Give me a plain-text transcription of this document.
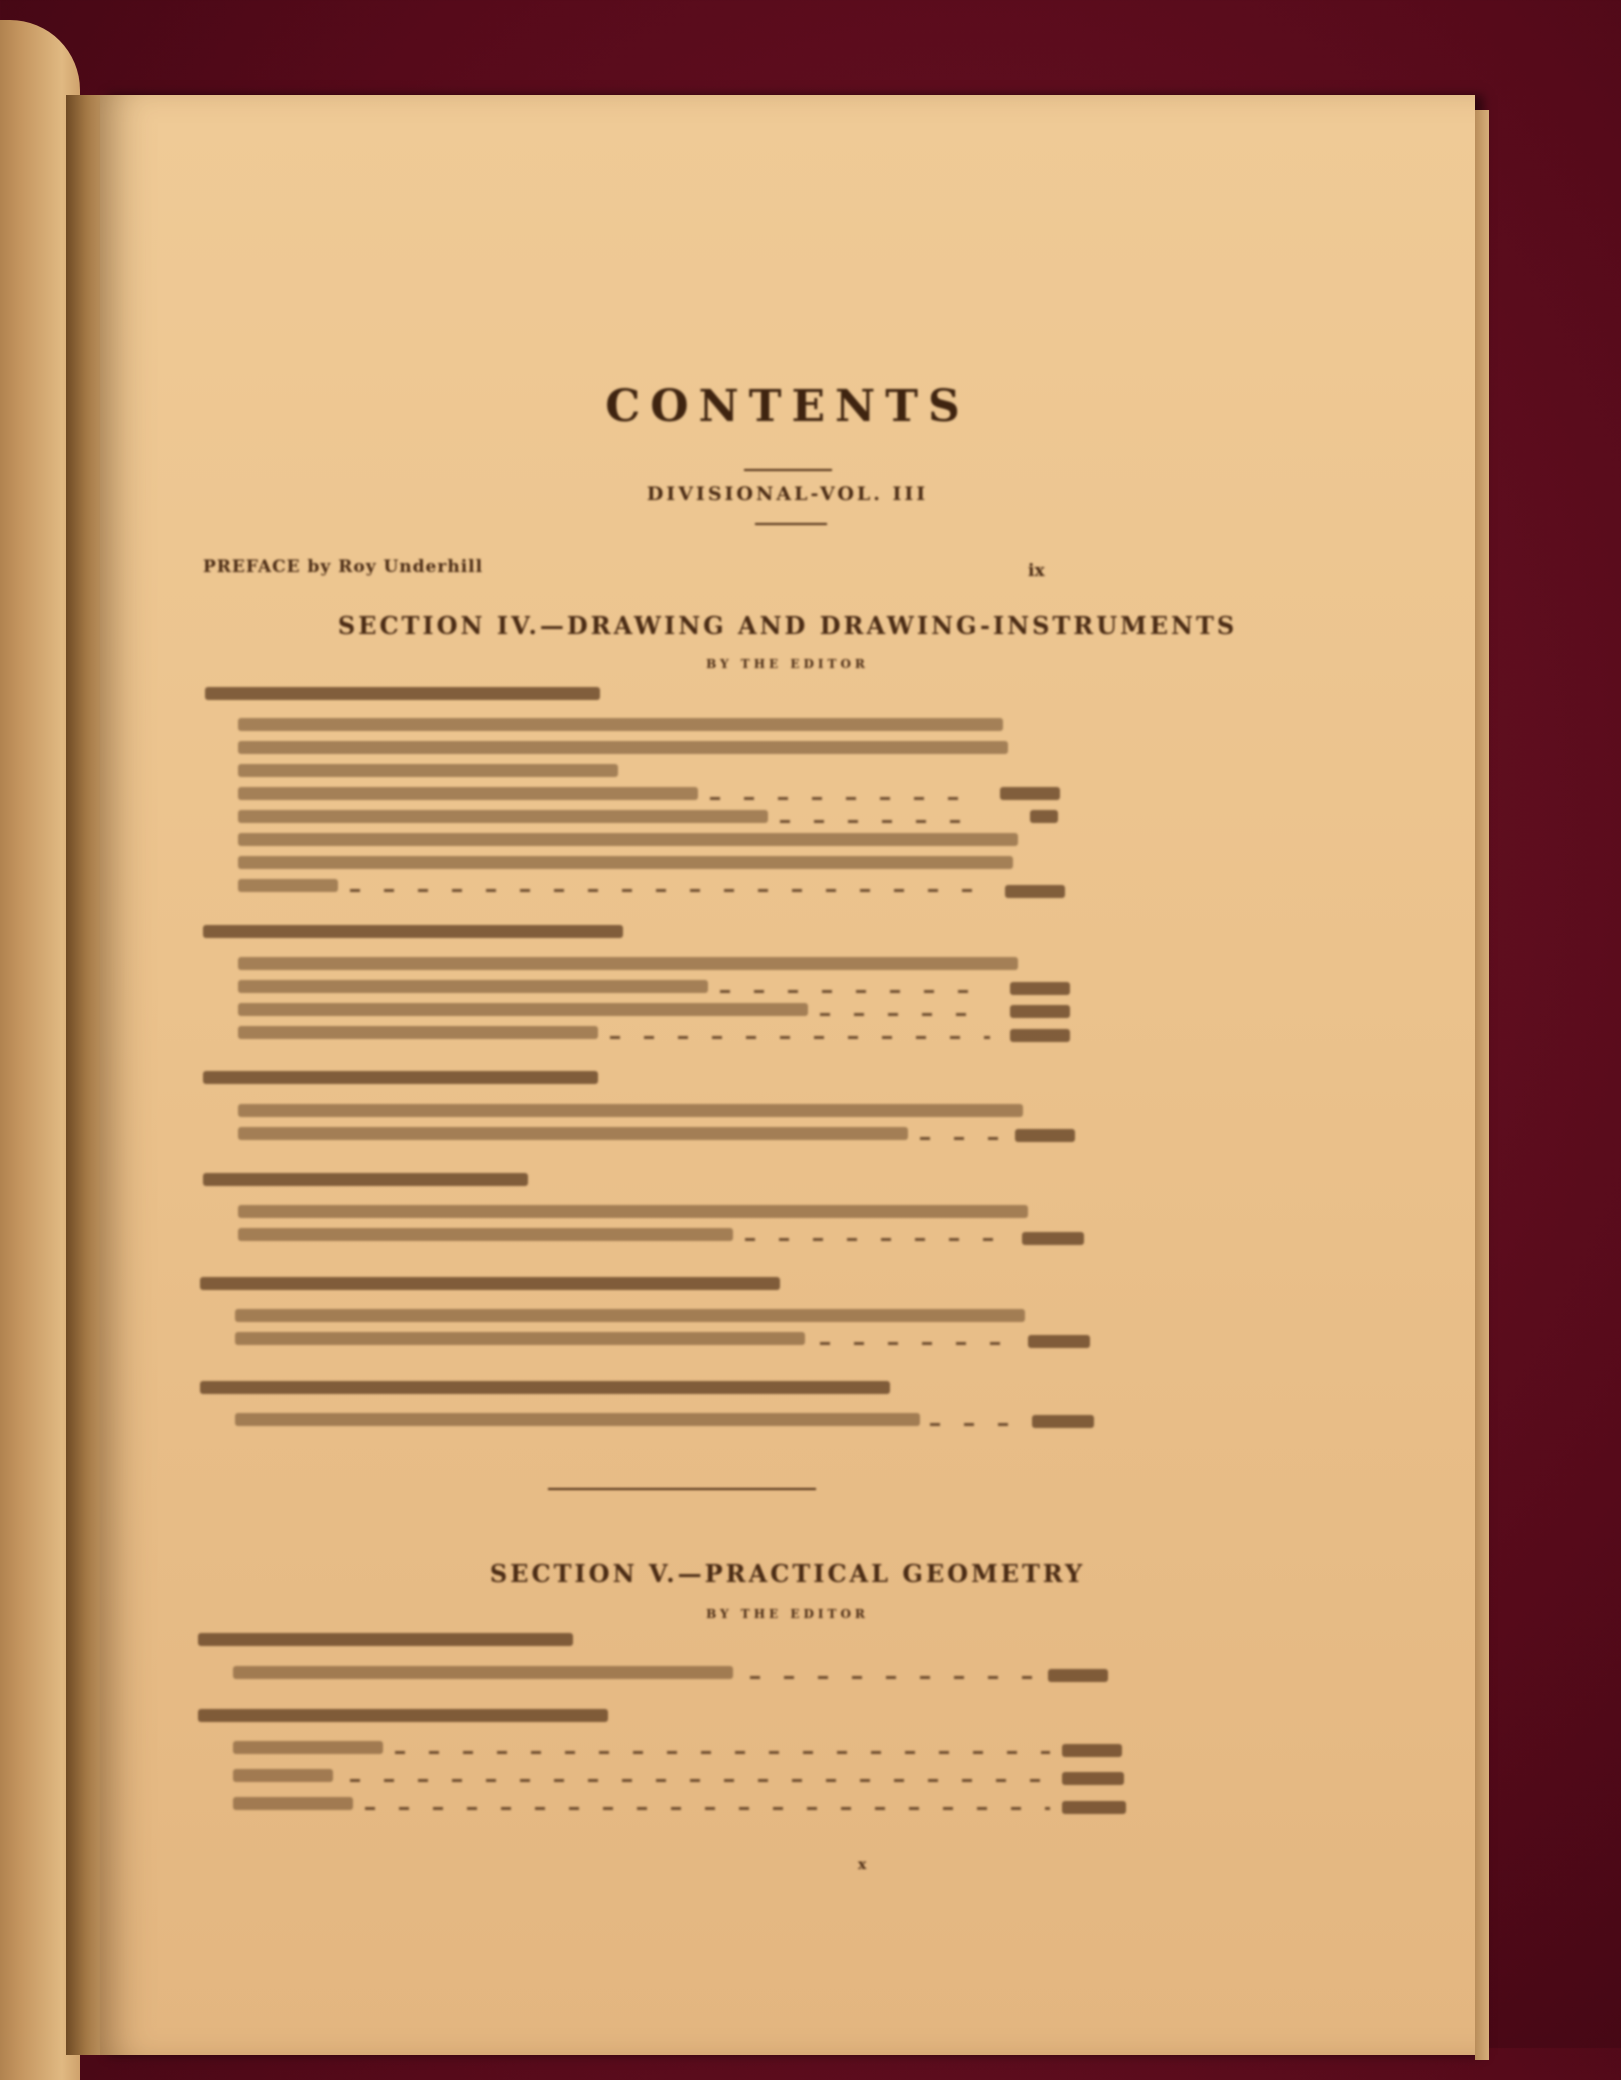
CONTENTS
DIVISIONAL-VOL. III
PREFACE by Roy Underhill	ix
SECTION IV.—DRAWING AND DRAWING-INSTRUMENTS
BY THE EDITOR
SECTION V.—PRACTICAL GEOMETRY
BY THE EDITOR
x
